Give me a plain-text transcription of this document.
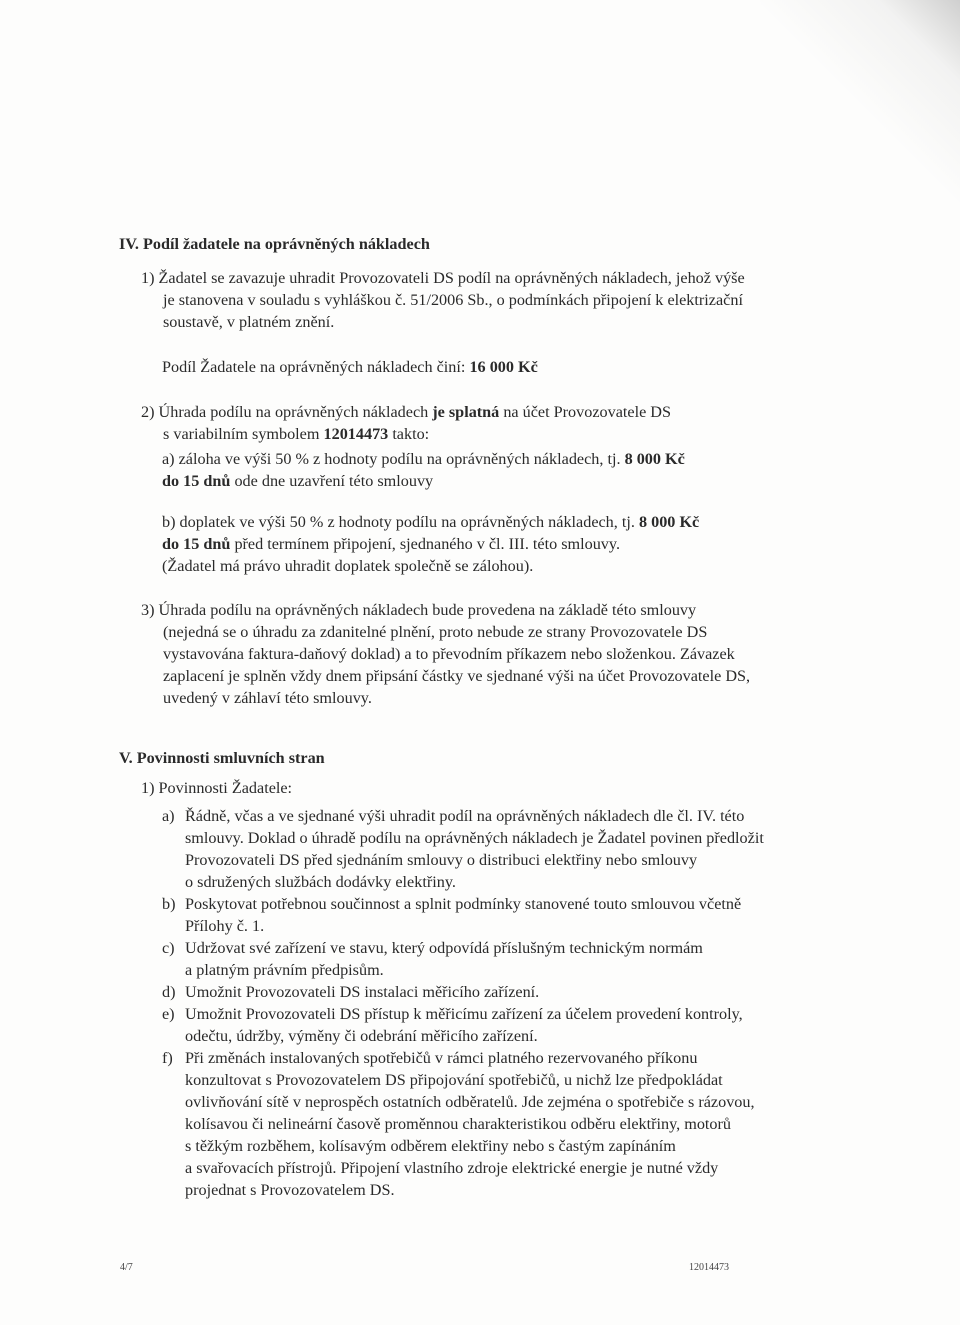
IV. Podíl žadatele na oprávněných nákladech
1) Žadatel se zavazuje uhradit Provozovateli DS podíl na oprávněných nákladech, jehož výše
je stanovena v souladu s vyhláškou č. 51/2006 Sb., o podmínkách připojení k elektrizační
soustavě, v platném znění.
Podíl Žadatele na oprávněných nákladech činí: 16 000 Kč
2) Úhrada podílu na oprávněných nákladech je splatná na účet Provozovatele DS
s variabilním symbolem 12014473 takto:
a) záloha ve výši 50 % z hodnoty podílu na oprávněných nákladech, tj. 8 000 Kč
do 15 dnů ode dne uzavření této smlouvy
b) doplatek ve výši 50 % z hodnoty podílu na oprávněných nákladech, tj. 8 000 Kč
do 15 dnů před termínem připojení, sjednaného v čl. III. této smlouvy.
(Žadatel má právo uhradit doplatek společně se zálohou).
3) Úhrada podílu na oprávněných nákladech bude provedena na základě této smlouvy
(nejedná se o úhradu za zdanitelné plnění, proto nebude ze strany Provozovatele DS
vystavována faktura-daňový doklad) a to převodním příkazem nebo složenkou. Závazek
zaplacení je splněn vždy dnem připsání částky ve sjednané výši na účet Provozovatele DS,
uvedený v záhlaví této smlouvy.
V. Povinnosti smluvních stran
1) Povinnosti Žadatele:
a) Řádně, včas a ve sjednané výši uhradit podíl na oprávněných nákladech dle čl. IV. této
smlouvy. Doklad o úhradě podílu na oprávněných nákladech je Žadatel povinen předložit
Provozovateli DS před sjednáním smlouvy o distribuci elektřiny nebo smlouvy
o sdružených službách dodávky elektřiny.
b) Poskytovat potřebnou součinnost a splnit podmínky stanovené touto smlouvou včetně
Přílohy č. 1.
c) Udržovat své zařízení ve stavu, který odpovídá příslušným technickým normám
a platným právním předpisům.
d) Umožnit Provozovateli DS instalaci měřicího zařízení.
e) Umožnit Provozovateli DS přístup k měřicímu zařízení za účelem provedení kontroly,
odečtu, údržby, výměny či odebrání měřicího zařízení.
f) Při změnách instalovaných spotřebičů v rámci platného rezervovaného příkonu
konzultovat s Provozovatelem DS připojování spotřebičů, u nichž lze předpokládat
ovlivňování sítě v neprospěch ostatních odběratelů. Jde zejména o spotřebiče s rázovou,
kolísavou či nelineární časově proměnnou charakteristikou odběru elektřiny, motorů
s těžkým rozběhem, kolísavým odběrem elektřiny nebo s častým zapínáním
a svařovacích přístrojů. Připojení vlastního zdroje elektrické energie je nutné vždy
projednat s Provozovatelem DS.
4/7	12014473
